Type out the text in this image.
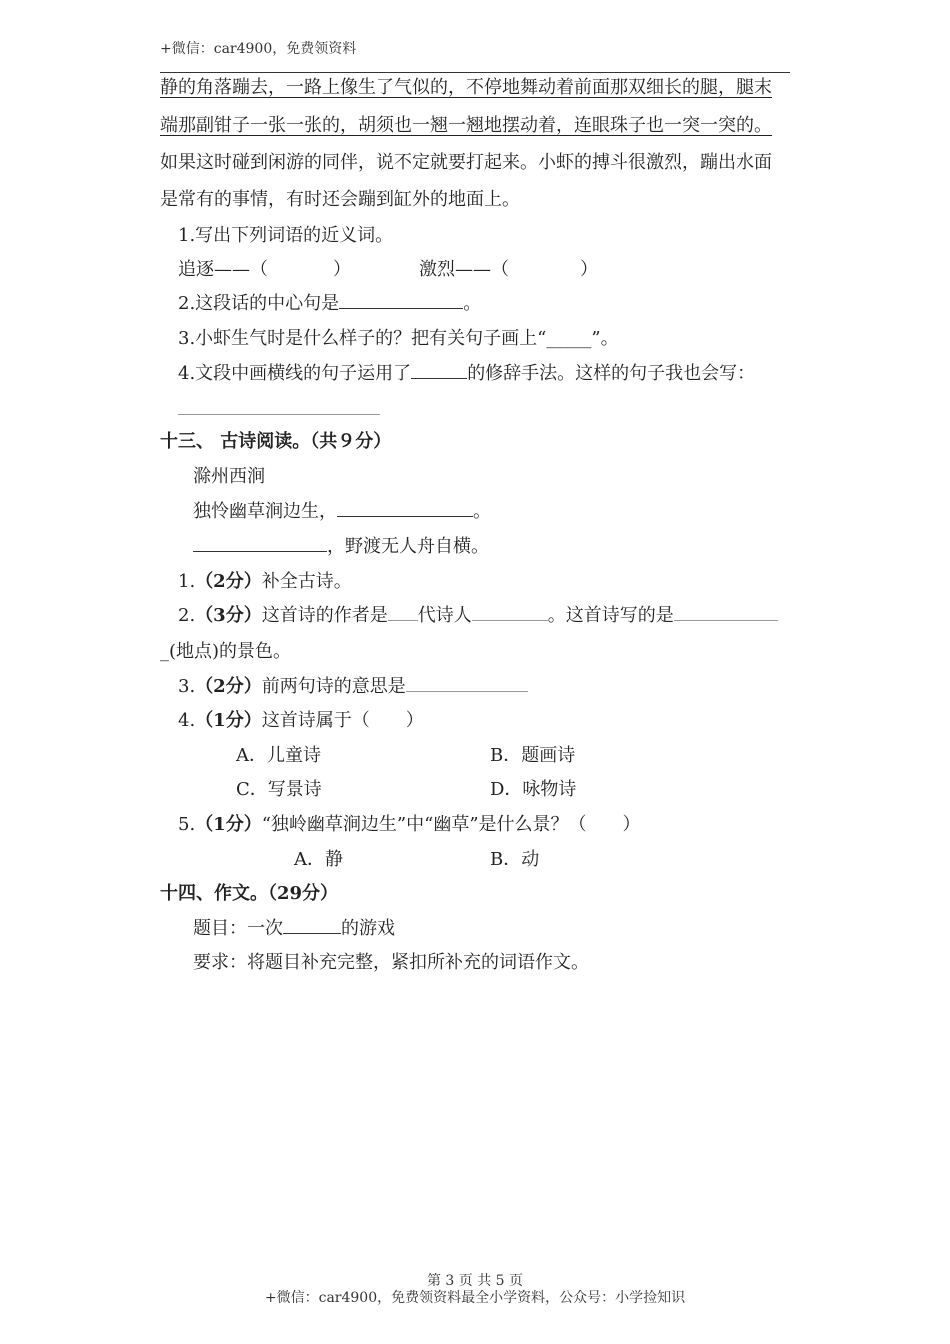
+微信：car4900，免费领资料
静的角落蹦去，一路上像生了气似的，不停地舞动着前面那双细长的腿，腿末
端那副钳子一张一张的，胡须也一翘一翘地摆动着，连眼珠子也一突一突的。
如果这时碰到闲游的同伴，说不定就要打起来。小虾的搏斗很激烈，蹦出水面
是常有的事情，有时还会蹦到缸外的地面上。
1.写出下列词语的近义词。
追逐——（	）	激烈——（	）
2.这段话的中心句是	。
3.小虾生气时是什么样子的？把有关句子画上“_____”。
4.文段中画横线的句子运用了	的修辞手法。这样的句子我也会写：
十三、 古诗阅读。（共９分）
滁州西涧
独怜幽草涧边生，	。
，野渡无人舟自横。
1.（2分）补全古诗。
2.（3分）这首诗的作者是 代诗人	。这首诗写的是
_(地点)的景色。
3.（2分）前两句诗的意思是
4.（1分）这首诗属于（　　）
A．儿童诗	B．题画诗
C．写景诗	D．咏物诗
5.（1分）“独岭幽草涧边生”中“幽草”是什么景？（　　）
A．静	B．动
十四、作文。（29分）
题目：一次	的游戏
要求：将题目补充完整，紧扣所补充的词语作文。
第 3 页 共 5 页
+微信：car4900，免费领资料最全小学资料，公众号：小学捡知识
